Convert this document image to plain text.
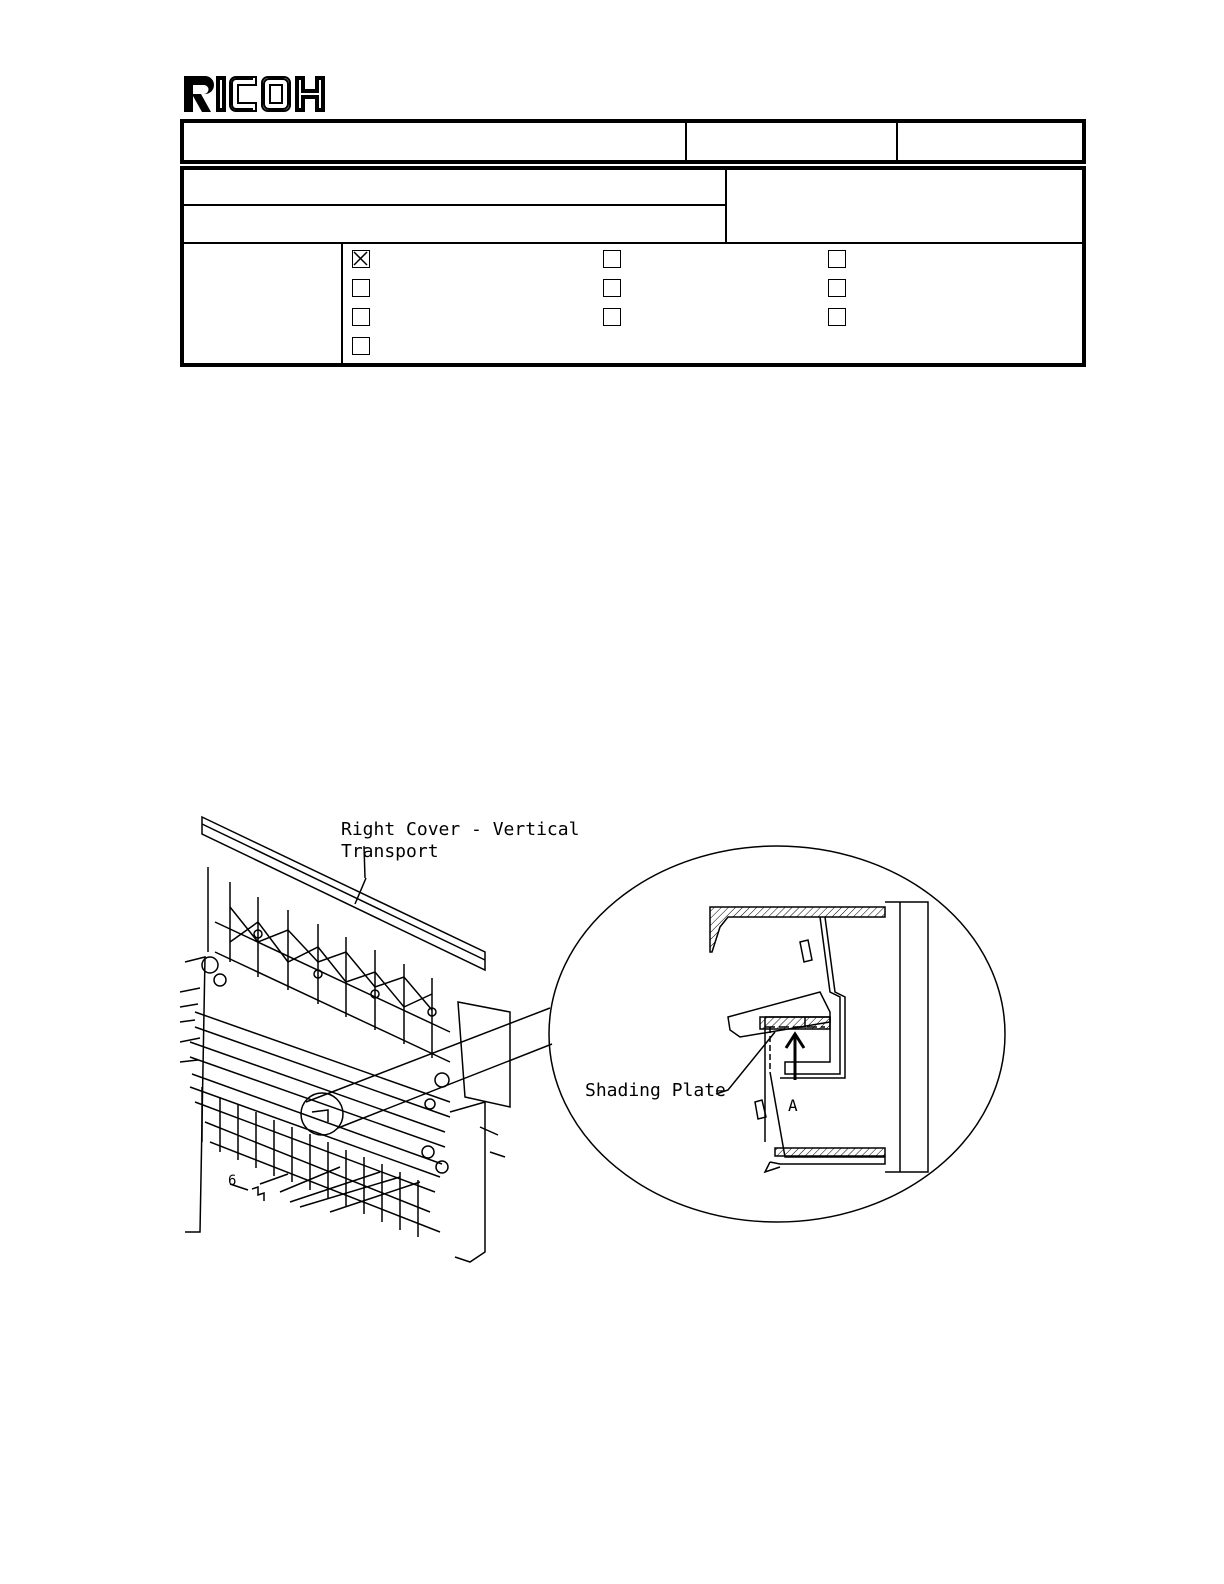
Right Cover - Vertical
Transport
Shading Plate
A
6
